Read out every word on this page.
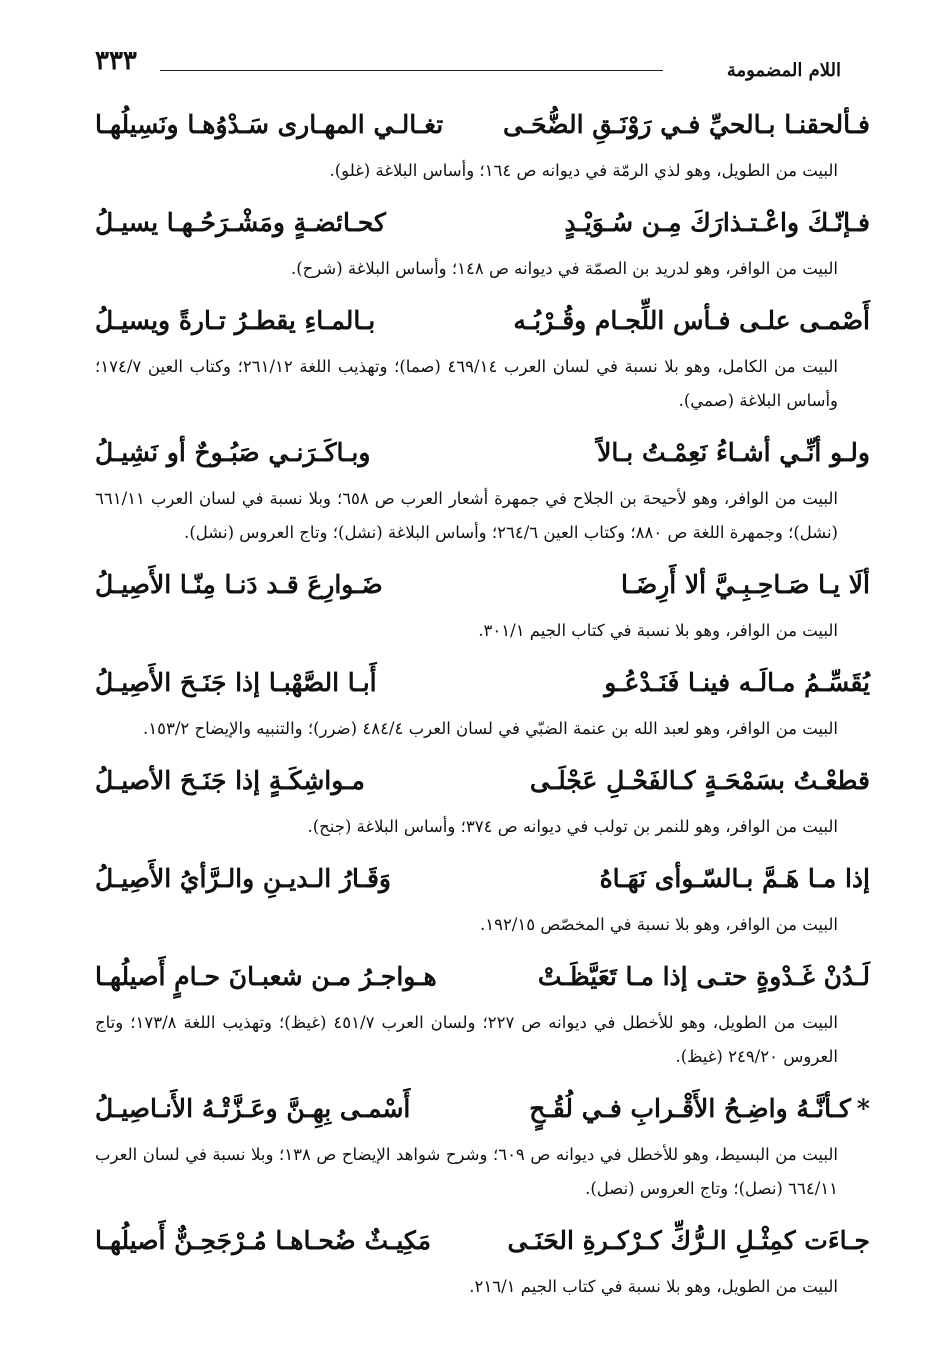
اللام المضمومة
٣٣٣
فـألحقنـا بـالحيِّ فـي رَوْنَـقِ الضُّحَـى
تغـالـي المهـارى سَـدْوُهـا ونَسِيلُهـا
البيت من الطويل، وهو لذي الرمّة في ديوانه ص ١٦٤؛ وأساس البلاغة (غلو).
فـإنّـكَ واعْـتـذارَكَ مِـن سُـوَيْـدٍ
كحـائضـةٍ ومَشْـرَحُـهـا يسيـلُ
البيت من الوافر، وهو لدريد بن الصمّة في ديوانه ص ١٤٨؛ وأساس البلاغة (شرح).
أَصْمـى علـى فـأس اللِّجـام وقُـرْبُـه
بـالمـاءِ يقطـرُ تـارةً ويسيـلُ
البيت من الكامل، وهو بلا نسبة في لسان العرب ٤٦٩/١٤ (صما)؛ وتهذيب اللغة ٢٦١/١٢؛ وكتاب العين ١٧٤/٧؛ وأساس البلاغة (صمي).
ولـو أنِّـي أشـاءُ نَعِمْـتُ بـالاً
وبـاكَـرَنـي صَبُـوحٌ أو نَشِيـلُ
البيت من الوافر، وهو لأحيحة بن الجلاح في جمهرة أشعار العرب ص ٦٥٨؛ وبلا نسبة في لسان العرب ٦٦١/١١ (نشل)؛ وجمهرة اللغة ص ٨٨٠؛ وكتاب العين ٢٦٤/٦؛ وأساس البلاغة (نشل)؛ وتاج العروس (نشل).
ألَا يـا صَـاحِـبِـيَّ ألا أَرِضَـا
ضَـوارِعَ قـد دَنـا مِنّـا الأَصِيـلُ
البيت من الوافر، وهو بلا نسبة في كتاب الجيم ٣٠١/١.
يُقَسِّـمُ مـالَـه فينـا فَنَـدْعُـو
أَبـا الصَّهْبـا إذا جَنَـحَ الأَصِيـلُ
البيت من الوافر، وهو لعبد الله بن عنمة الضبّي في لسان العرب ٤٨٤/٤ (ضرر)؛ والتنبيه والإيضاح ١٥٣/٢.
قطعْـتُ بسَمْحَـةٍ كـالفَحْـلِ عَجْلَـى
مـواشِكَـةٍ إذا جَنَـحَ الأصيـلُ
البيت من الوافر، وهو للنمر بن تولب في ديوانه ص ٣٧٤؛ وأساس البلاغة (جنح).
إذا مـا هَـمَّ بـالسّـوأى نَهَـاهُ
وَقَـارُ الـديـنِ والـرَّأيُ الأَصِيـلُ
البيت من الوافر، وهو بلا نسبة في المخصّص ١٩٢/١٥.
لَـدُنْ غَـدْوةٍ حتـى إذا مـا تَعَيَّظَـتْ
هـواجـرُ مـن شعبـانَ حـامٍ أَصيلُهـا
البيت من الطويل، وهو للأخطل في ديوانه ص ٢٢٧؛ ولسان العرب ٤٥١/٧ (غيظ)؛ وتهذيب اللغة ١٧٣/٨؛ وتاج العروس ٢٤٩/٢٠ (غيظ).
*كـأنَّـهُ واضِـحُ الأَقْـرابِ فـي لُقُـحٍ
أَسْمـى بِهِـنَّ وعَـزَّتْـهُ الأَنـاصِيـلُ
البيت من البسيط، وهو للأخطل في ديوانه ص ٦٠٩؛ وشرح شواهد الإيضاح ص ١٣٨؛ وبلا نسبة في لسان العرب ٦٦٤/١١ (نصل)؛ وتاج العروس (نصل).
جـاءَت كمِثْـلِ الـرُّكِّ كـرْكـرةِ الحَنَـى
مَكِيـثٌ ضُحـاهـا مُـرْجَحِـنٌّ أَصيلُهـا
البيت من الطويل، وهو بلا نسبة في كتاب الجيم ٢١٦/١.
